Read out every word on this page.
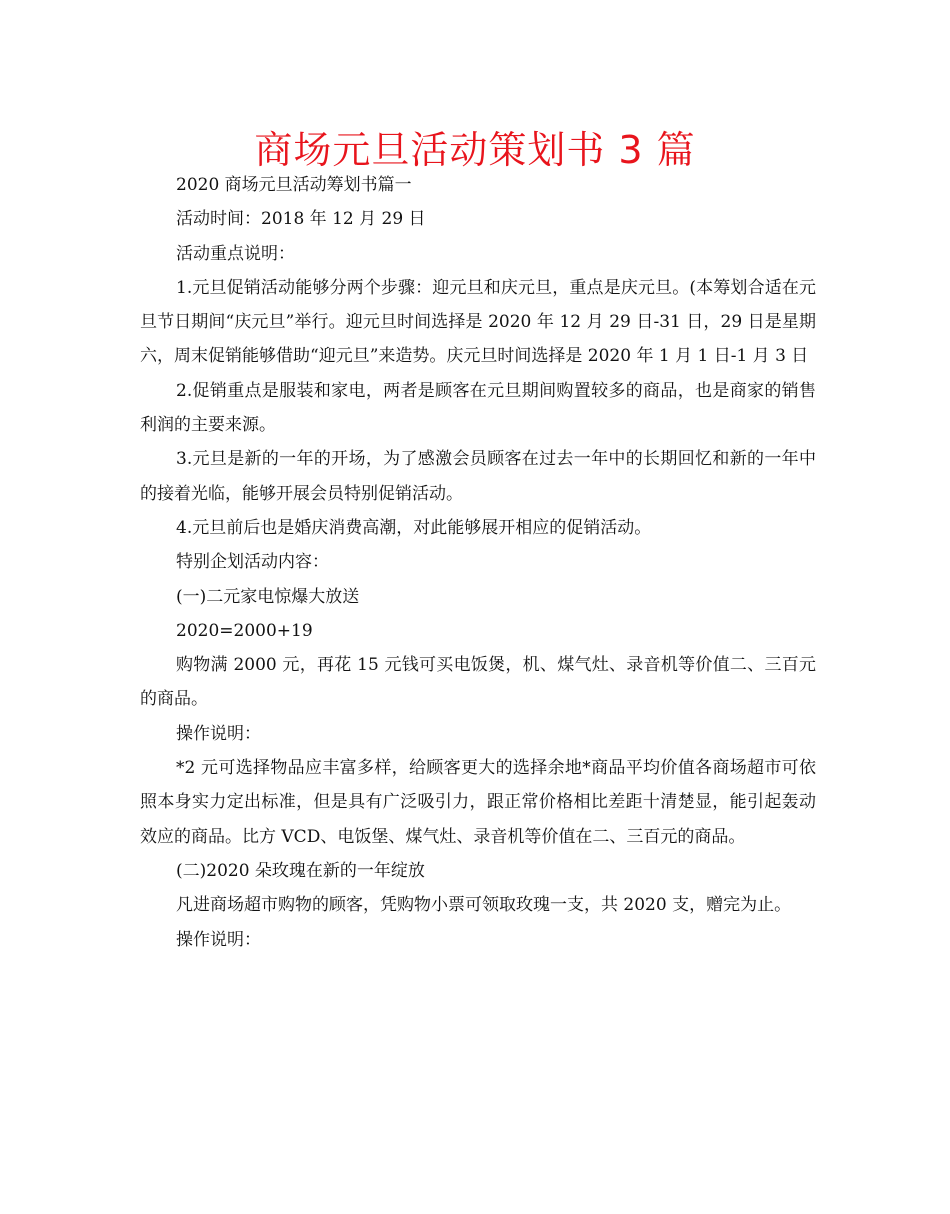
商场元旦活动策划书 3 篇

2020 商场元旦活动筹划书篇一

活动时间：2018 年 12 月 29 日

活动重点说明：

1.元旦促销活动能够分两个步骤：迎元旦和庆元旦，重点是庆元旦。(本筹划合适在元旦节日期间“庆元旦”举行。迎元旦时间选择是 2020 年 12 月 29 日-31 日，29 日是星期六，周末促销能够借助“迎元旦”来造势。庆元旦时间选择是 2020 年 1 月 1 日-1 月 3 日

2.促销重点是服装和家电，两者是顾客在元旦期间购置较多的商品，也是商家的销售利润的主要来源。

3.元旦是新的一年的开场，为了感激会员顾客在过去一年中的长期回忆和新的一年中的接着光临，能够开展会员特别促销活动。

4.元旦前后也是婚庆消费高潮，对此能够展开相应的促销活动。

特别企划活动内容：

(一)二元家电惊爆大放送

2020=2000+19

购物满 2000 元，再花 15 元钱可买电饭煲，机、煤气灶、录音机等价值二、三百元的商品。

操作说明：

*2 元可选择物品应丰富多样，给顾客更大的选择余地*商品平均价值各商场超市可依照本身实力定出标准，但是具有广泛吸引力，跟正常价格相比差距十清楚显，能引起轰动效应的商品。比方 VCD、电饭堡、煤气灶、录音机等价值在二、三百元的商品。

(二)2020 朵玫瑰在新的一年绽放

凡进商场超市购物的顾客，凭购物小票可领取玫瑰一支，共 2020 支，赠完为止。

操作说明：
